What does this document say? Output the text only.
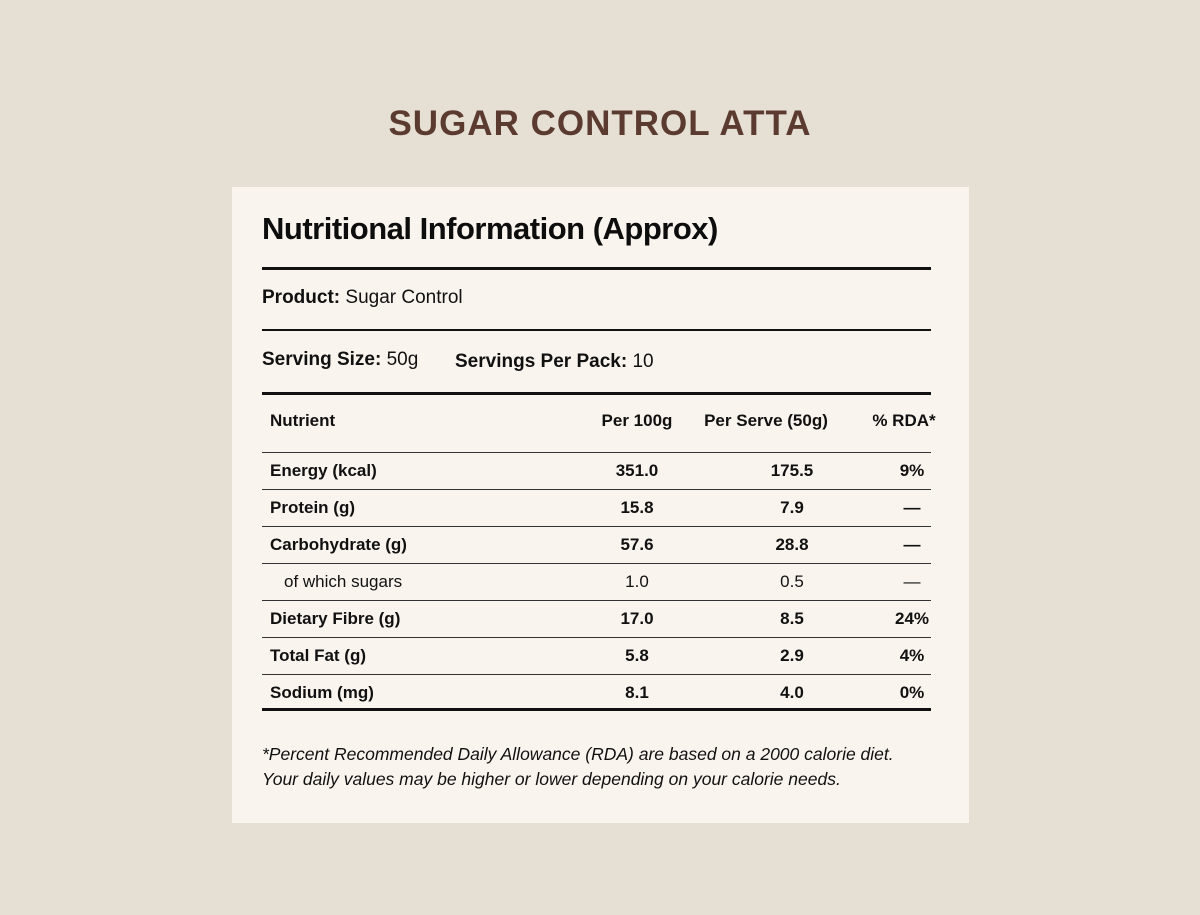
SUGAR CONTROL ATTA
Nutritional Information (Approx)
Product: Sugar Control
Serving Size: 50g Servings Per Pack: 10
Nutrient	Per 100g	Per Serve (50g)	% RDA*
Energy (kcal)	351.0	175.5	9%
Protein (g)	15.8	7.9	—
Carbohydrate (g)	57.6	28.8	—
of which sugars	1.0	0.5	—
Dietary Fibre (g)	17.0	8.5	24%
Total Fat (g)	5.8	2.9	4%
Sodium (mg)	8.1	4.0	0%
*Percent Recommended Daily Allowance (RDA) are based on a 2000 calorie diet.
Your daily values may be higher or lower depending on your calorie needs.
